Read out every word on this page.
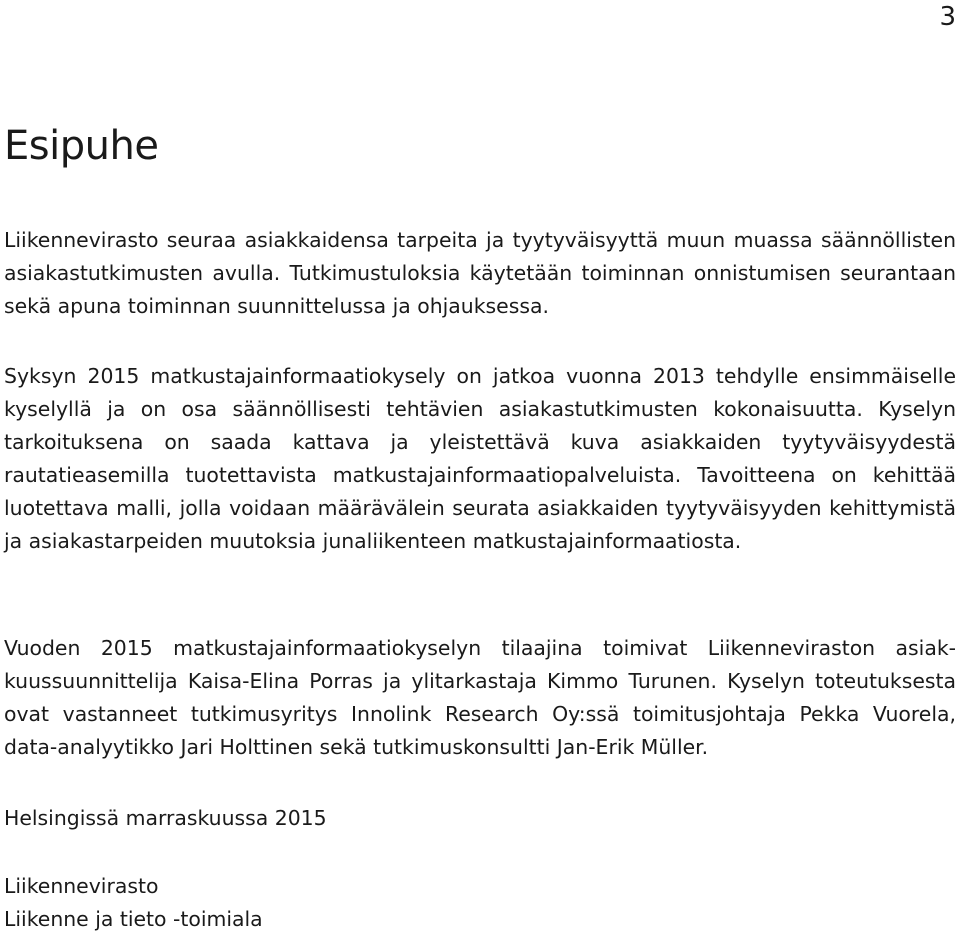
3
Esipuhe

Liikennevirasto seuraa asiakkaidensa tarpeita ja tyytyväisyyttä muun muassa säännöllisten asiakastutkimusten avulla. Tutkimustuloksia käytetään toiminnan onnistumisen seurantaan sekä apuna toiminnan suunnittelussa ja ohjauksessa.

Syksyn 2015 matkustajainformaatiokysely on jatkoa vuonna 2013 tehdylle ensimmäiselle kyselyllä ja on osa säännöllisesti tehtävien asiakastutkimusten kokonaisuutta. Kyselyn tarkoituksena on saada kattava ja yleistettävä kuva asiakkaiden tyytyväisyydestä rautatieasemilla tuotettavista matkustajainformaatiopalveluista. Tavoitteena on kehittää luotettava malli, jolla voidaan määrävälein seurata asiakkaiden tyytyväisyyden kehittymistä ja asiakastarpeiden muutoksia junaliikenteen matkustajainformaatiosta.

Vuoden 2015 matkustajainformaatiokyselyn tilaajina toimivat Liikenneviraston asiakkuussuunnittelija Kaisa-Elina Porras ja ylitarkastaja Kimmo Turunen. Kyselyn toteutuksesta ovat vastanneet tutkimusyritys Innolink Research Oy:ssä toimitusjohtaja Pekka Vuorela, data-analyytikko Jari Holttinen sekä tutkimuskonsultti Jan-Erik Müller.

Helsingissä marraskuussa 2015

Liikennevirasto

Liikenne ja tieto -toimiala
